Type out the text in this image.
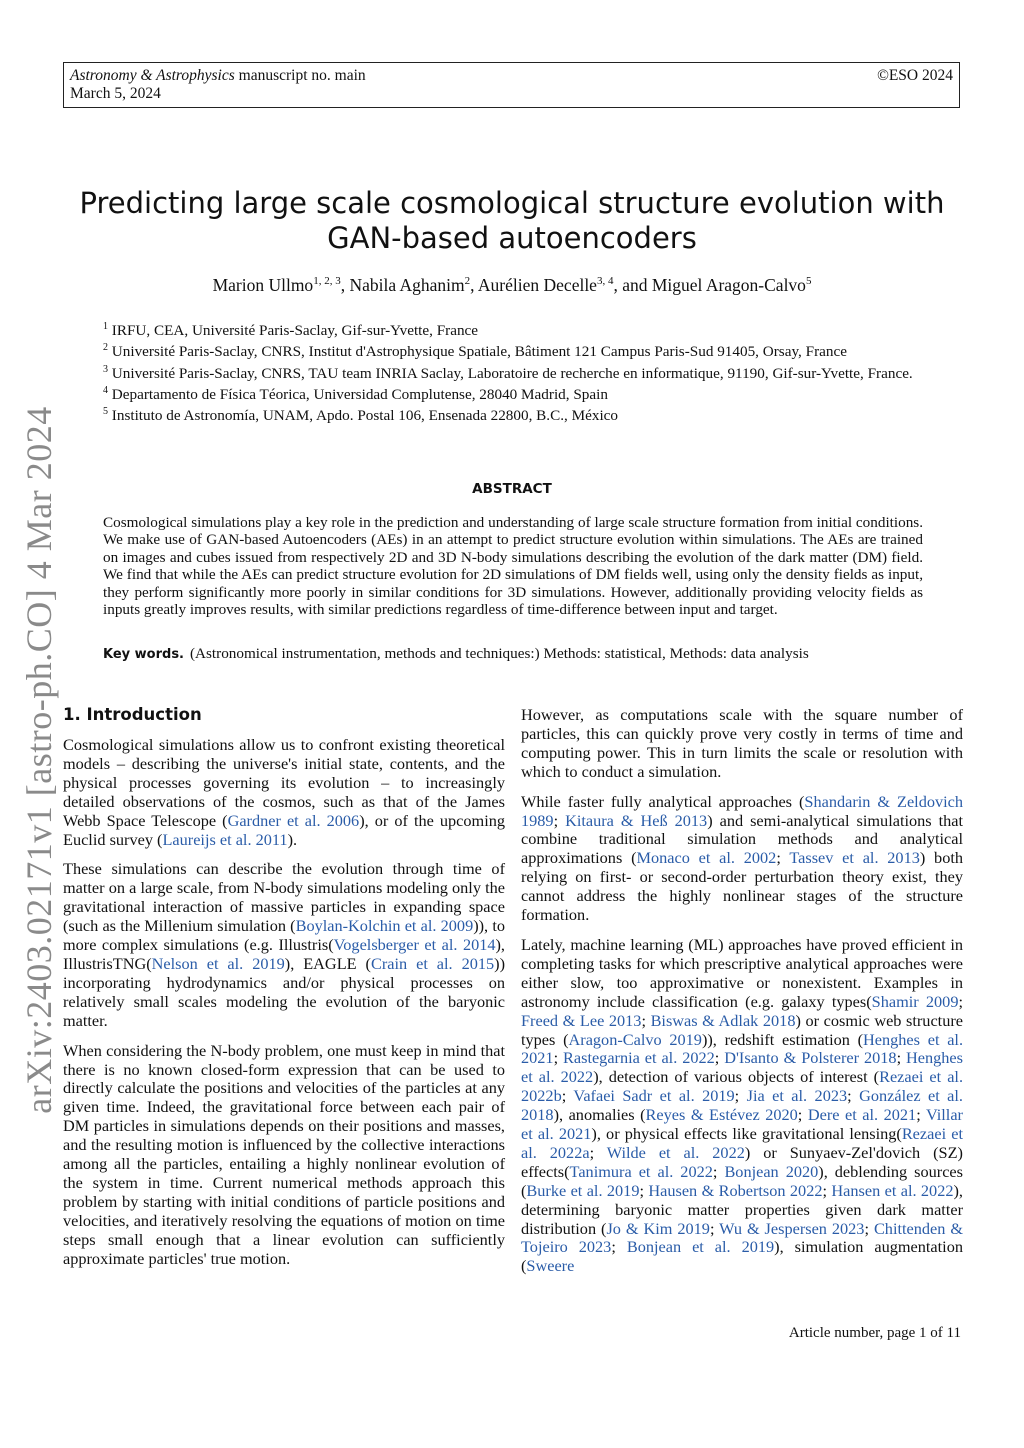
Astronomy & Astrophysics manuscript no. main
March 5, 2024
©ESO 2024
arXiv:2403.02171v1 [astro-ph.CO] 4 Mar 2024
Predicting large scale cosmological structure evolution with GAN-based autoencoders
Marion Ullmo$^{1, 2, 3}$, Nabila Aghanim$^2$, Aurélien Decelle$^{3, 4}$, and Miguel Aragon-Calvo$^5$

$^1$ IRFU, CEA, Université Paris-Saclay, Gif-sur-Yvette, France

$^2$ Université Paris-Saclay, CNRS, Institut d'Astrophysique Spatiale, Bâtiment 121 Campus Paris-Sud 91405, Orsay, France

$^3$ Université Paris-Saclay, CNRS, TAU team INRIA Saclay, Laboratoire de recherche en informatique, 91190, Gif-sur-Yvette, France.

$^4$ Departamento de Física Téorica, Universidad Complutense, 28040 Madrid, Spain

$^5$ Instituto de Astronomía, UNAM, Apdo. Postal 106, Ensenada 22800, B.C., México

ABSTRACT
Cosmological simulations play a key role in the prediction and understanding of large scale structure formation from initial conditions. We make use of GAN-based Autoencoders (AEs) in an attempt to predict structure evolution within simulations. The AEs are trained on images and cubes issued from respectively 2D and 3D N-body simulations describing the evolution of the dark matter (DM) field. We find that while the AEs can predict structure evolution for 2D simulations of DM fields well, using only the density fields as input, they perform significantly more poorly in similar conditions for 3D simulations. However, additionally providing velocity fields as inputs greatly improves results, with similar predictions regardless of time-difference between input and target.
Key words. (Astronomical instrumentation, methods and techniques:) Methods: statistical, Methods: data analysis
1. Introduction

Cosmological simulations allow us to confront existing theoretical models – describing the universe's initial state, contents, and the physical processes governing its evolution – to increasingly detailed observations of the cosmos, such as that of the James Webb Space Telescope (Gardner et al. 2006), or of the upcoming Euclid survey (Laureijs et al. 2011).

These simulations can describe the evolution through time of matter on a large scale, from N-body simulations modeling only the gravitational interaction of massive particles in expanding space (such as the Millenium simulation (Boylan-Kolchin et al. 2009)), to more complex simulations (e.g. Illustris(Vogelsberger et al. 2014), IllustrisTNG(Nelson et al. 2019), EAGLE (Crain et al. 2015)) incorporating hydrodynamics and/or physical processes on relatively small scales modeling the evolution of the baryonic matter.

When considering the N-body problem, one must keep in mind that there is no known closed-form expression that can be used to directly calculate the positions and velocities of the particles at any given time. Indeed, the gravitational force between each pair of DM particles in simulations depends on their positions and masses, and the resulting motion is influenced by the collective interactions among all the particles, entailing a highly nonlinear evolution of the system in time. Current numerical methods approach this problem by starting with initial conditions of particle positions and velocities, and iteratively resolving the equations of motion on time steps small enough that a linear evolution can sufficiently approximate particles' true motion.

However, as computations scale with the square number of particles, this can quickly prove very costly in terms of time and computing power. This in turn limits the scale or resolution with which to conduct a simulation.

While faster fully analytical approaches (Shandarin & Zeldovich 1989; Kitaura & Heß 2013) and semi-analytical simulations that combine traditional simulation methods and analytical approximations (Monaco et al. 2002; Tassev et al. 2013) both relying on first- or second-order perturbation theory exist, they cannot address the highly nonlinear stages of the structure formation.

Lately, machine learning (ML) approaches have proved efficient in completing tasks for which prescriptive analytical approaches were either slow, too approximative or nonexistent. Examples in astronomy include classification (e.g. galaxy types(Shamir 2009; Freed & Lee 2013; Biswas & Adlak 2018) or cosmic web structure types (Aragon-Calvo 2019)), redshift estimation (Henghes et al. 2021; Rastegarnia et al. 2022; D'Isanto & Polsterer 2018; Henghes et al. 2022), detection of various objects of interest (Rezaei et al. 2022b; Vafaei Sadr et al. 2019; Jia et al. 2023; González et al. 2018), anomalies (Reyes & Estévez 2020; Dere et al. 2021; Villar et al. 2021), or physical effects like gravitational lensing(Rezaei et al. 2022a; Wilde et al. 2022) or Sunyaev-Zel'dovich (SZ) effects(Tanimura et al. 2022; Bonjean 2020), deblending sources (Burke et al. 2019; Hausen & Robertson 2022; Hansen et al. 2022), determining baryonic matter properties given dark matter distribution (Jo & Kim 2019; Wu & Jespersen 2023; Chittenden & Tojeiro 2023; Bonjean et al. 2019), simulation augmentation (Sweere

Article number, page 1 of 11
